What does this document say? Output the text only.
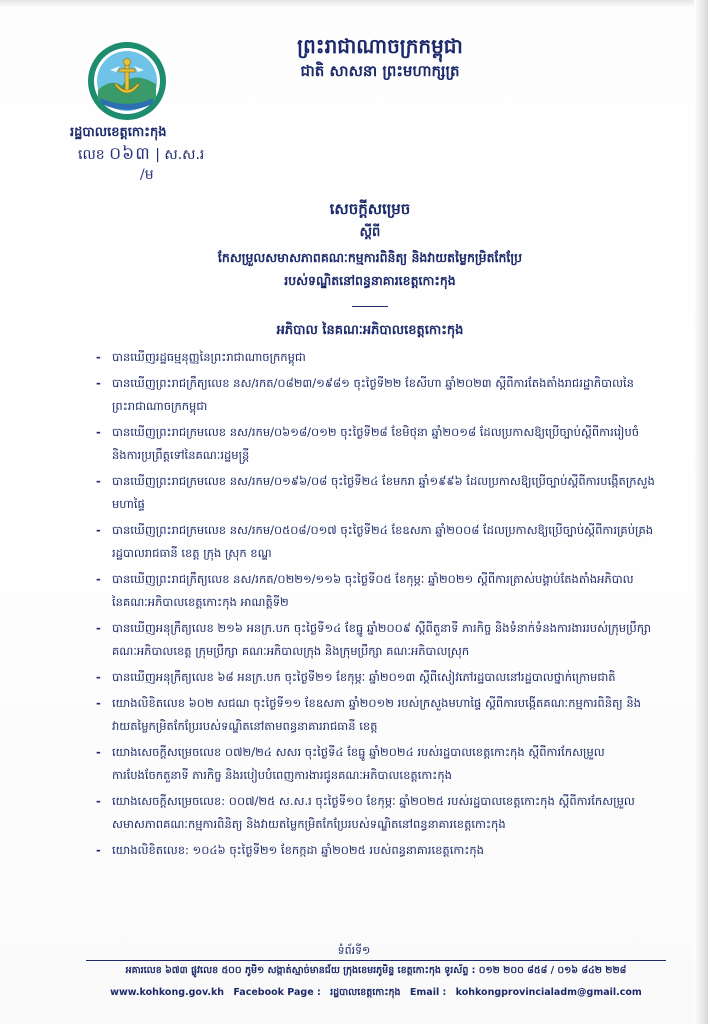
ព្រះរាជាណាចក្រកម្ពុជា
ជាតិ សាសនា ព្រះមហាក្សត្រ
រដ្ឋបាលខេត្តកោះកុង
លេខ ០៦៣ | ស.ស.រ
/ម
សេចក្តីសម្រេច
ស្តីពី
កែសម្រួលសមាសភាពគណៈកម្មការពិនិត្យ និងវាយតម្លៃកម្រិតកែប្រែ
របស់ទណ្ឌិតនៅពន្ធនាគារខេត្តកោះកុង
អភិបាល នៃគណៈអភិបាលខេត្តកោះកុង
- បានឃើញរដ្ឋធម្មនុញ្ញនៃព្រះរាជាណាចក្រកម្ពុជា
- បានឃើញព្រះរាជក្រឹត្យលេខ នស/រកត/០៨២៣/១៩៨១ ចុះថ្ងៃទី២២ ខែសីហា ឆ្នាំ២០២៣ ស្តីពីការតែងតាំងរាជរដ្ឋាភិបាលនៃព្រះរាជាណាចក្រកម្ពុជា
- បានឃើញព្រះរាជក្រមលេខ នស/រកម/០៦១៨/០១២ ចុះថ្ងៃទី២៨ ខែមិថុនា ឆ្នាំ២០១៨ ដែលប្រកាសឱ្យប្រើច្បាប់ស្តីពីការរៀបចំ និងការប្រព្រឹត្តទៅនៃគណៈរដ្ឋមន្ត្រី
- បានឃើញព្រះរាជក្រមលេខ នស/រកម/០១៩៦/០៨ ចុះថ្ងៃទី២៤ ខែមករា ឆ្នាំ១៩៩៦ ដែលប្រកាសឱ្យប្រើច្បាប់ស្តីពីការបង្កើតក្រសួងមហាផ្ទៃ
- បានឃើញព្រះរាជក្រមលេខ នស/រកម/០៥០៨/០១៧ ចុះថ្ងៃទី២៤ ខែឧសភា ឆ្នាំ២០០៨ ដែលប្រកាសឱ្យប្រើច្បាប់ស្តីពីការគ្រប់គ្រងរដ្ឋបាលរាជធានី ខេត្ត ក្រុង ស្រុក ខណ្ឌ
- បានឃើញព្រះរាជក្រឹត្យលេខ នស/រកត/០២២១/១១៦ ចុះថ្ងៃទី០៥ ខែកុម្ភៈ ឆ្នាំ២០២១ ស្តីពីការត្រាស់បង្គាប់តែងតាំងអភិបាល នៃគណៈអភិបាលខេត្តកោះកុង អាណត្តិទី២
- បានឃើញអនុក្រឹត្យលេខ ២១៦ អនក្រ.បក ចុះថ្ងៃទី១៤ ខែធ្នូ ឆ្នាំ២០០៩ ស្តីពីតួនាទី ភារកិច្ច និងទំនាក់ទំនងការងាររបស់ក្រុមប្រឹក្សា គណៈអភិបាលខេត្ត ក្រុមប្រឹក្សា គណៈអភិបាលក្រុង និងក្រុមប្រឹក្សា គណៈអភិបាលស្រុក
- បានឃើញអនុក្រឹត្យលេខ ៦៨ អនក្រ.បក ចុះថ្ងៃទី២១ ខែកុម្ភៈ ឆ្នាំ២០១៣ ស្តីពីសៀវភៅរដ្ឋបាលនៅរដ្ឋបាលថ្នាក់ក្រោមជាតិ
- យោងលិខិតលេខ ៦០២ សជណ ចុះថ្ងៃទី១១ ខែឧសភា ឆ្នាំ២០១២ របស់ក្រសួងមហាផ្ទៃ ស្តីពីការបង្កើតគណៈកម្មការពិនិត្យ និងវាយតម្លៃកម្រិតកែប្រែរបស់ទណ្ឌិតនៅតាមពន្ធនាគាររាជធានី ខេត្ត
- យោងសេចក្តីសម្រេចលេខ ០៧២/២៤ សសរ ចុះថ្ងៃទី៤ ខែធ្នូ ឆ្នាំ២០២៤ របស់រដ្ឋបាលខេត្តកោះកុង ស្តីពីការកែសម្រួល ការបែងចែកតួនាទី ភារកិច្ច និងរបៀបបំពេញការងារជូនគណៈអភិបាលខេត្តកោះកុង
- យោងសេចក្តីសម្រេចលេខ: ០០៧/២៥ ស.ស.រ ចុះថ្ងៃទី១០ ខែកុម្ភៈ ឆ្នាំ២០២៥ របស់រដ្ឋបាលខេត្តកោះកុង ស្តីពីការកែសម្រួលសមាសភាពគណៈកម្មការពិនិត្យ និងវាយតម្លៃកម្រិតកែប្រែរបស់ទណ្ឌិតនៅពន្ធនាគារខេត្តកោះកុង
- យោងលិខិតលេខ: ១០៤៦ ចុះថ្ងៃទី២១ ខែកក្កដា ឆ្នាំ២០២៥ របស់ពន្ធនាគារខេត្តកោះកុង
ទំព័រទី១
អគារលេខ ៦៧៣ ផ្លូវលេខ ៥០០ ភូមិ១ សង្កាត់ស្មាច់មានជ័យ ក្រុងខេមរភូមិន្ទ ខេត្តកោះកុង ទូរស័ព្ទ : ០១២ ២០០ ៨៥៨ / ០១៦ ៨៤២ ២២៨
www.kohkong.gov.kh Facebook Page : រដ្ឋបាលខេត្តកោះកុង Email : kohkongprovincialadm@gmail.com
